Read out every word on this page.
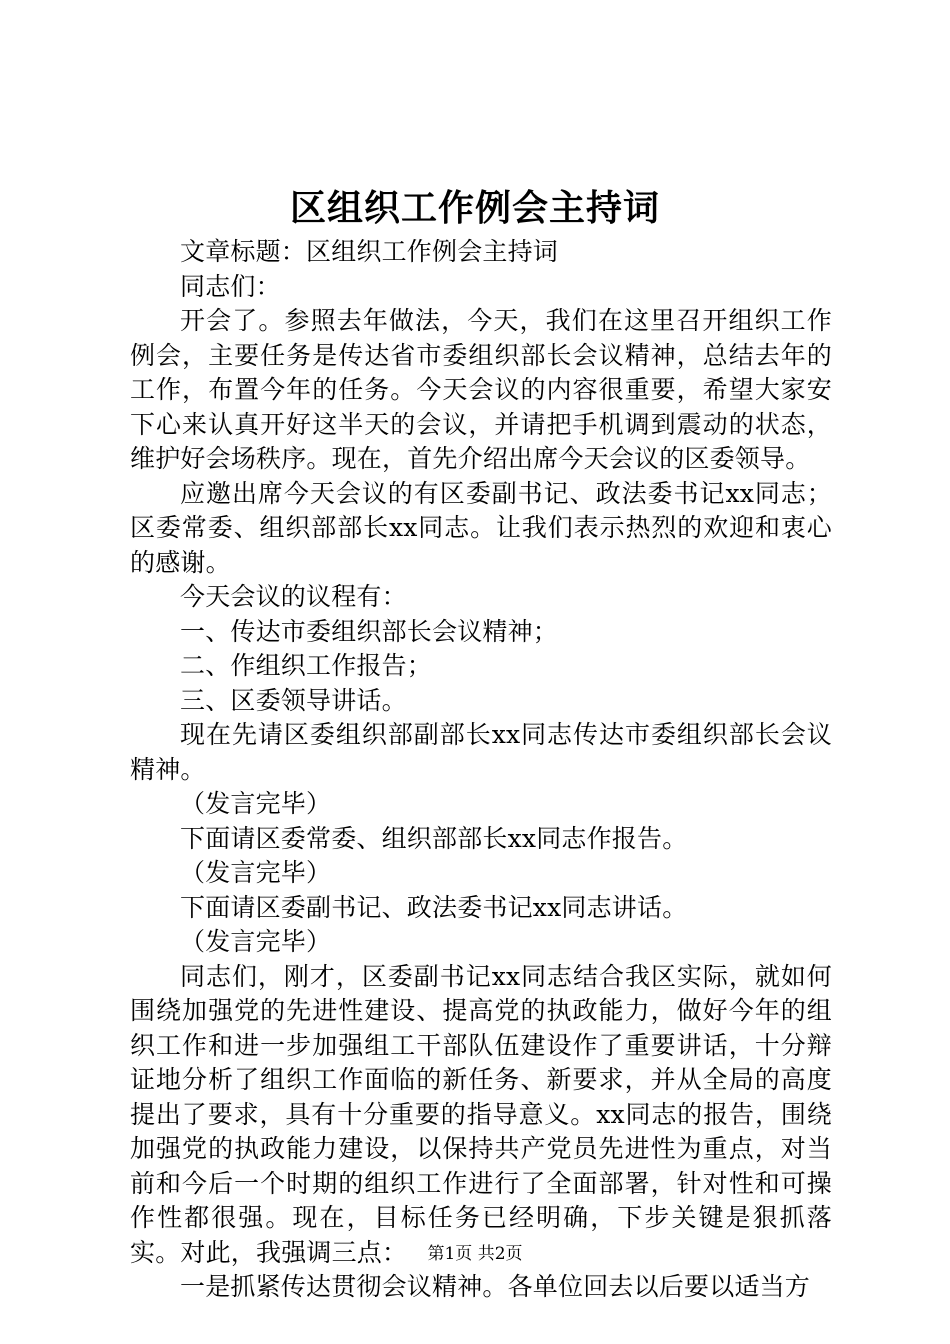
区组织工作例会主持词

文章标题：区组织工作例会主持词

同志们：

开会了。参照去年做法，今天，我们在这里召开组织工作例会，主要任务是传达省市委组织部长会议精神，总结去年的工作，布置今年的任务。今天会议的内容很重要，希望大家安下心来认真开好这半天的会议，并请把手机调到震动的状态，维护好会场秩序。现在，首先介绍出席今天会议的区委领导。

应邀出席今天会议的有区委副书记、政法委书记xx同志；区委常委、组织部部长xx同志。让我们表示热烈的欢迎和衷心的感谢。

今天会议的议程有：

一、传达市委组织部长会议精神；

二、作组织工作报告；

三、区委领导讲话。

现在先请区委组织部副部长xx同志传达市委组织部长会议精神。

（发言完毕）

下面请区委常委、组织部部长xx同志作报告。

（发言完毕）

下面请区委副书记、政法委书记xx同志讲话。

（发言完毕）

同志们，刚才，区委副书记xx同志结合我区实际，就如何围绕加强党的先进性建设、提高党的执政能力，做好今年的组织工作和进一步加强组工干部队伍建设作了重要讲话，十分辩证地分析了组织工作面临的新任务、新要求，并从全局的高度提出了要求，具有十分重要的指导意义。xx同志的报告，围绕加强党的执政能力建设，以保持共产党员先进性为重点，对当前和今后一个时期的组织工作进行了全面部署，针对性和可操作性都很强。现在，目标任务已经明确，下步关键是狠抓落实。对此，我强调三点：

一是抓紧传达贯彻会议精神。各单位回去以后要以适当方

第1页 共2页
